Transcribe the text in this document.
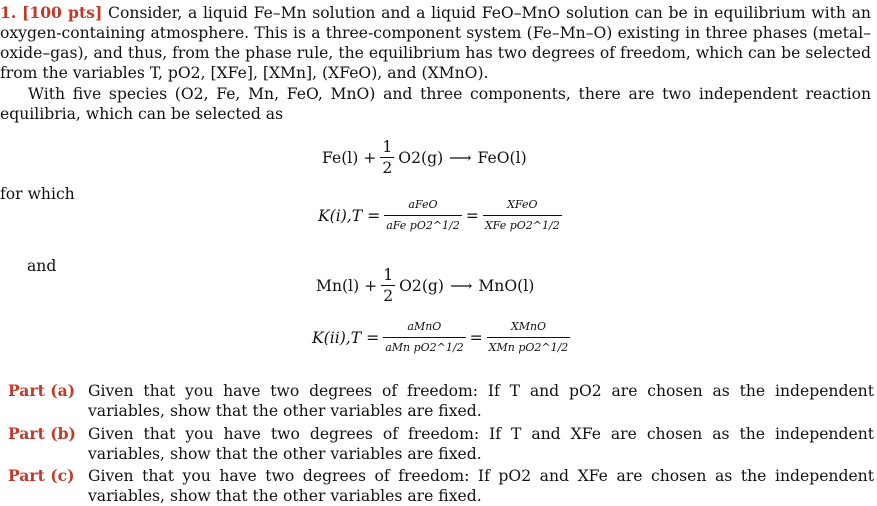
1. [100 pts] Consider, a liquid Fe–Mn solution and a liquid FeO–MnO solution can be in equilibrium with an oxygen-containing atmosphere. This is a three-component system (Fe–Mn–O) existing in three phases (metal–oxide–gas), and thus, from the phase rule, the equilibrium has two degrees of freedom, which can be selected from the variables T, pO2, [XFe], [XMn], (XFeO), and (XMnO).
With five species (O2, Fe, Mn, FeO, MnO) and three components, there are two independent reaction equilibria, which can be selected as
$Fe(l) + \frac{1}{2} O2(g)$ ⟶ FeO(l)
for which
$K(i),T = \frac{\text{aFeO}}{\text{aFe pO2\textasciicircum{}1/2}} = \frac{\text{XFeO}}{\text{XFe pO2\textasciicircum{}1/2}}$
and
$Mn(l) + \frac{1}{2} O2(g)$ ⟶ MnO(l)
$K(ii),T = \frac{\text{aMnO}}{\text{aMn pO2\textasciicircum{}1/2}} = \frac{\text{XMnO}}{\text{XMn pO2\textasciicircum{}1/2}}$
Part (a) Given that you have two degrees of freedom: If T and pO2 are chosen as the independent variables, show that the other variables are fixed.
Part (b) Given that you have two degrees of freedom: If T and XFe are chosen as the independent variables, show that the other variables are fixed.
Part (c) Given that you have two degrees of freedom: If pO2 and XFe are chosen as the independent variables, show that the other variables are fixed.
